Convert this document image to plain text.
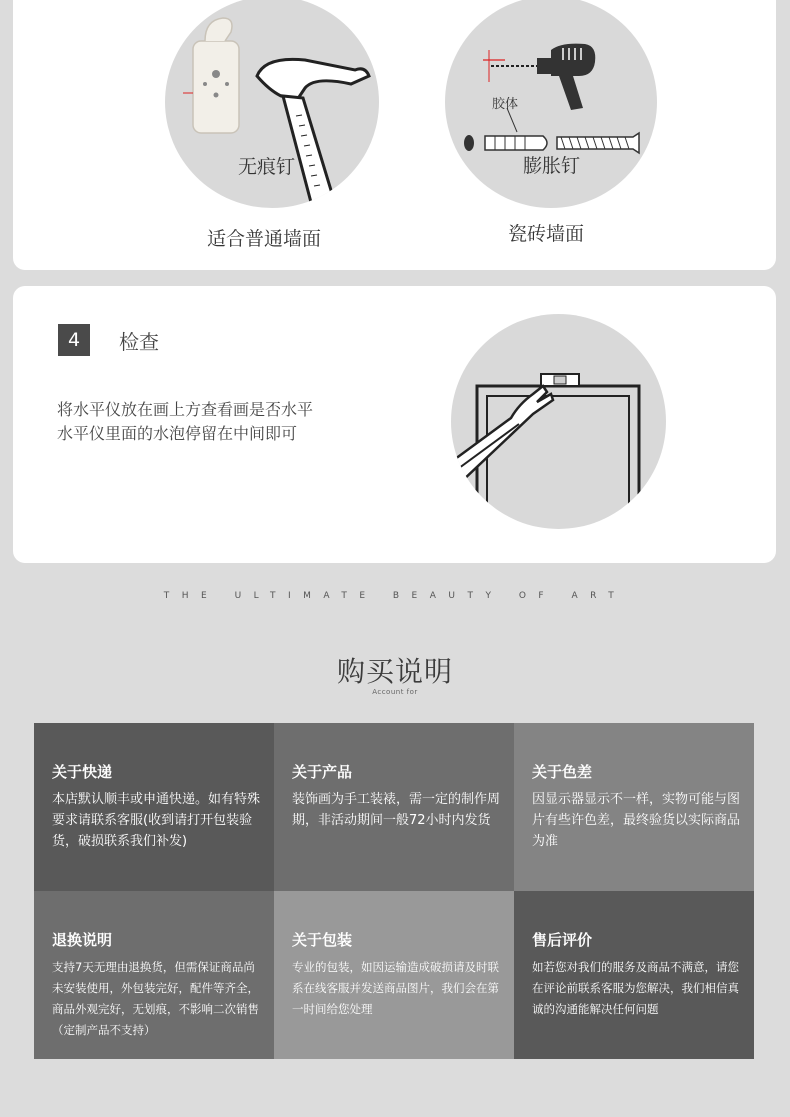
无痕钉
适合普通墙面
胶体
膨胀钉
瓷砖墙面
4	检查
将水平仪放在画上方查看画是否水平
水平仪里面的水泡停留在中间即可
THE ULTIMATE BEAUTY OF ART
购买说明
Account for
关于快递
本店默认顺丰或申通快递。如有特殊要求请联系客服(收到请打开包装验货，破损联系我们补发)
关于产品
装饰画为手工装裱，需一定的制作周期，非活动期间一般72小时内发货
关于色差
因显示器显示不一样，实物可能与图片有些许色差，最终验货以实际商品为准
退换说明
支持7天无理由退换货，但需保证商品尚未安装使用，外包装完好，配件等齐全，商品外观完好，无划痕，不影响二次销售（定制产品不支持）
关于包装
专业的包装，如因运输造成破损请及时联系在线客服并发送商品图片，我们会在第一时间给您处理
售后评价
如若您对我们的服务及商品不满意，请您在评论前联系客服为您解决，我们相信真诚的沟通能解决任何问题
